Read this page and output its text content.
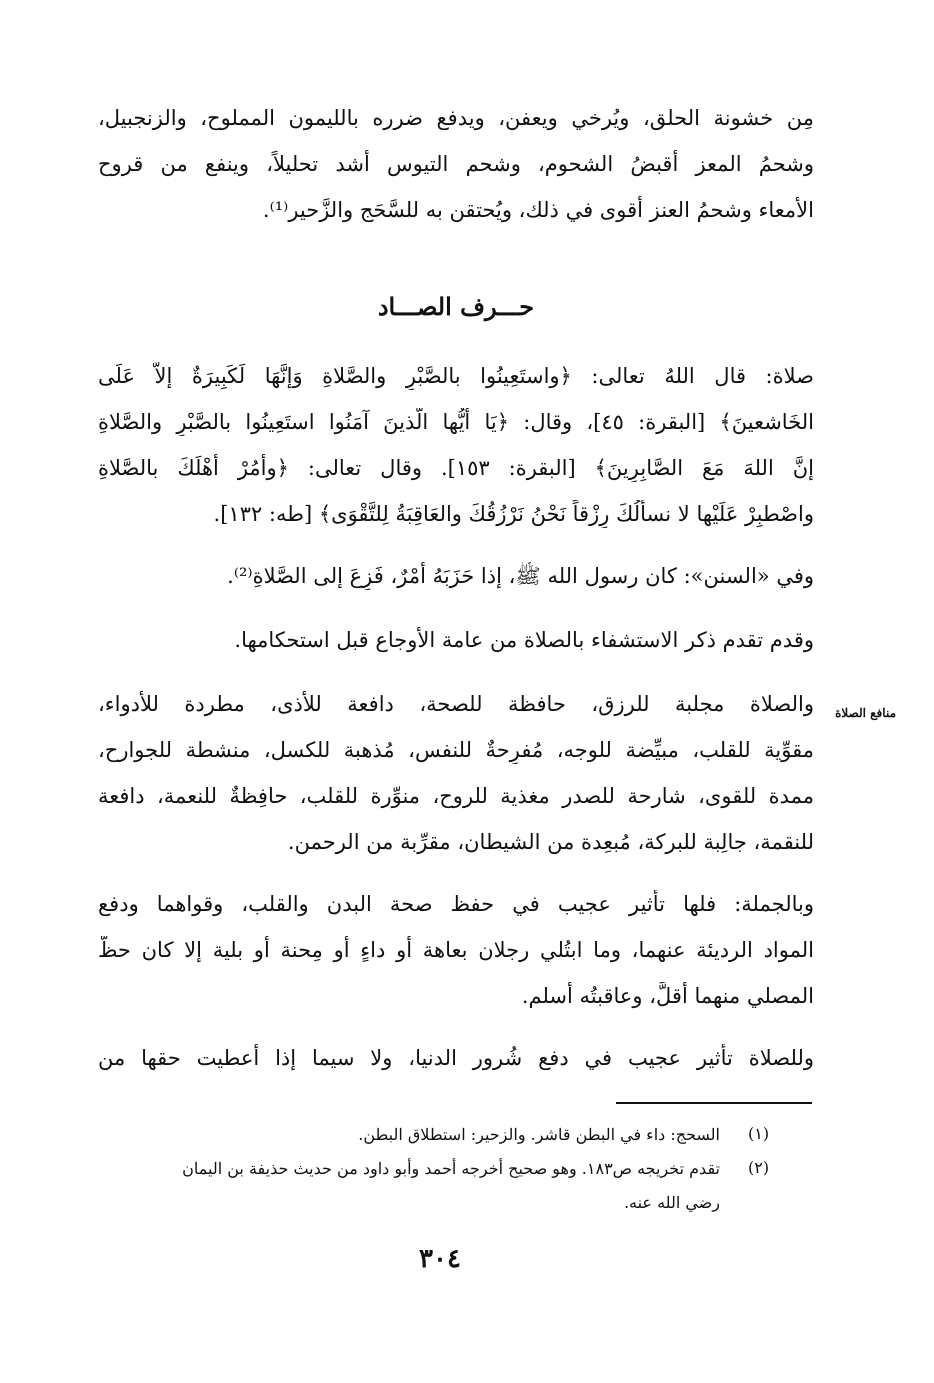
مِن خشونة الحلق، ويُرخي ويعفن، ويدفع ضرره بالليمون المملوح، والزنجبيل،
وشحمُ المعز أقبضُ الشحوم، وشحم التيوس أشد تحليلاً، وينفع من قروح
الأمعاء وشحمُ العنز أقوى في ذلك، ويُحتقن به للسَّحَج والزَّحير⁽¹⁾.
حـــرف الصـــاد
صلاة: قال اللهُ تعالى: ﴿واستَعِينُوا بالصَّبْرِ والصَّلاةِ وَإنَّهَا لَكَبِيرَةٌ إلاَّ عَلَى
الخَاشعينَ﴾ [البقرة: ٤٥]، وقال: ﴿يَا أيُّها الَّذينَ آمَنُوا استَعِينُوا بالصَّبْرِ والصَّلاةِ
إنَّ اللهَ مَعَ الصَّابِرِينَ﴾ [البقرة: ١٥٣]. وقال تعالى: ﴿وأمُرْ أهْلَكَ بالصَّلاةِ
واصْطبِرْ عَلَيْها لا نسأَلُكَ رِزْقاً نَحْنُ نَرْزُقُكَ والعَاقِبَةُ لِلتَّقْوَى﴾ [طه: ١٣٢].
وفي «السنن»: كان رسول الله ﷺ، إذا حَزَبَهُ أمْرٌ، فَزِعَ إلى الصَّلاةِ⁽²⁾.
وقدم تقدم ذكر الاستشفاء بالصلاة من عامة الأوجاع قبل استحكامها.
والصلاة مجلبة للرزق، حافظة للصحة، دافعة للأذى، مطردة للأدواء،	منافع الصلاة
مقوِّية للقلب، مبيِّضة للوجه، مُفرِحةٌ للنفس، مُذهبة للكسل، منشطة للجوارح،
ممدة للقوى، شارحة للصدر مغذية للروح، منوِّرة للقلب، حافِظةٌ للنعمة، دافعة
للنقمة، جالِبة للبركة، مُبعِدة من الشيطان، مقرِّبة من الرحمن.
وبالجملة: فلها تأثير عجيب في حفظ صحة البدن والقلب، وقواهما ودفع
المواد الرديئة عنهما، وما ابتُلي رجلان بعاهة أو داءٍ أو مِحنة أو بلية إلا كان حظُّ
المصلي منهما أقلَّ، وعاقبتُه أسلم.
وللصلاة تأثير عجيب في دفع شُرور الدنيا، ولا سيما إذا أُعطيت حقها من
(١)
السحج: داء في البطن قاشر. والزحير: استطلاق البطن.
(٢)
تقدم تخريجه ص١٨٣. وهو صحيح أخرجه أحمد وأبو داود من حديث حذيفة بن اليمان
رضي الله عنه.
٣٠٤
